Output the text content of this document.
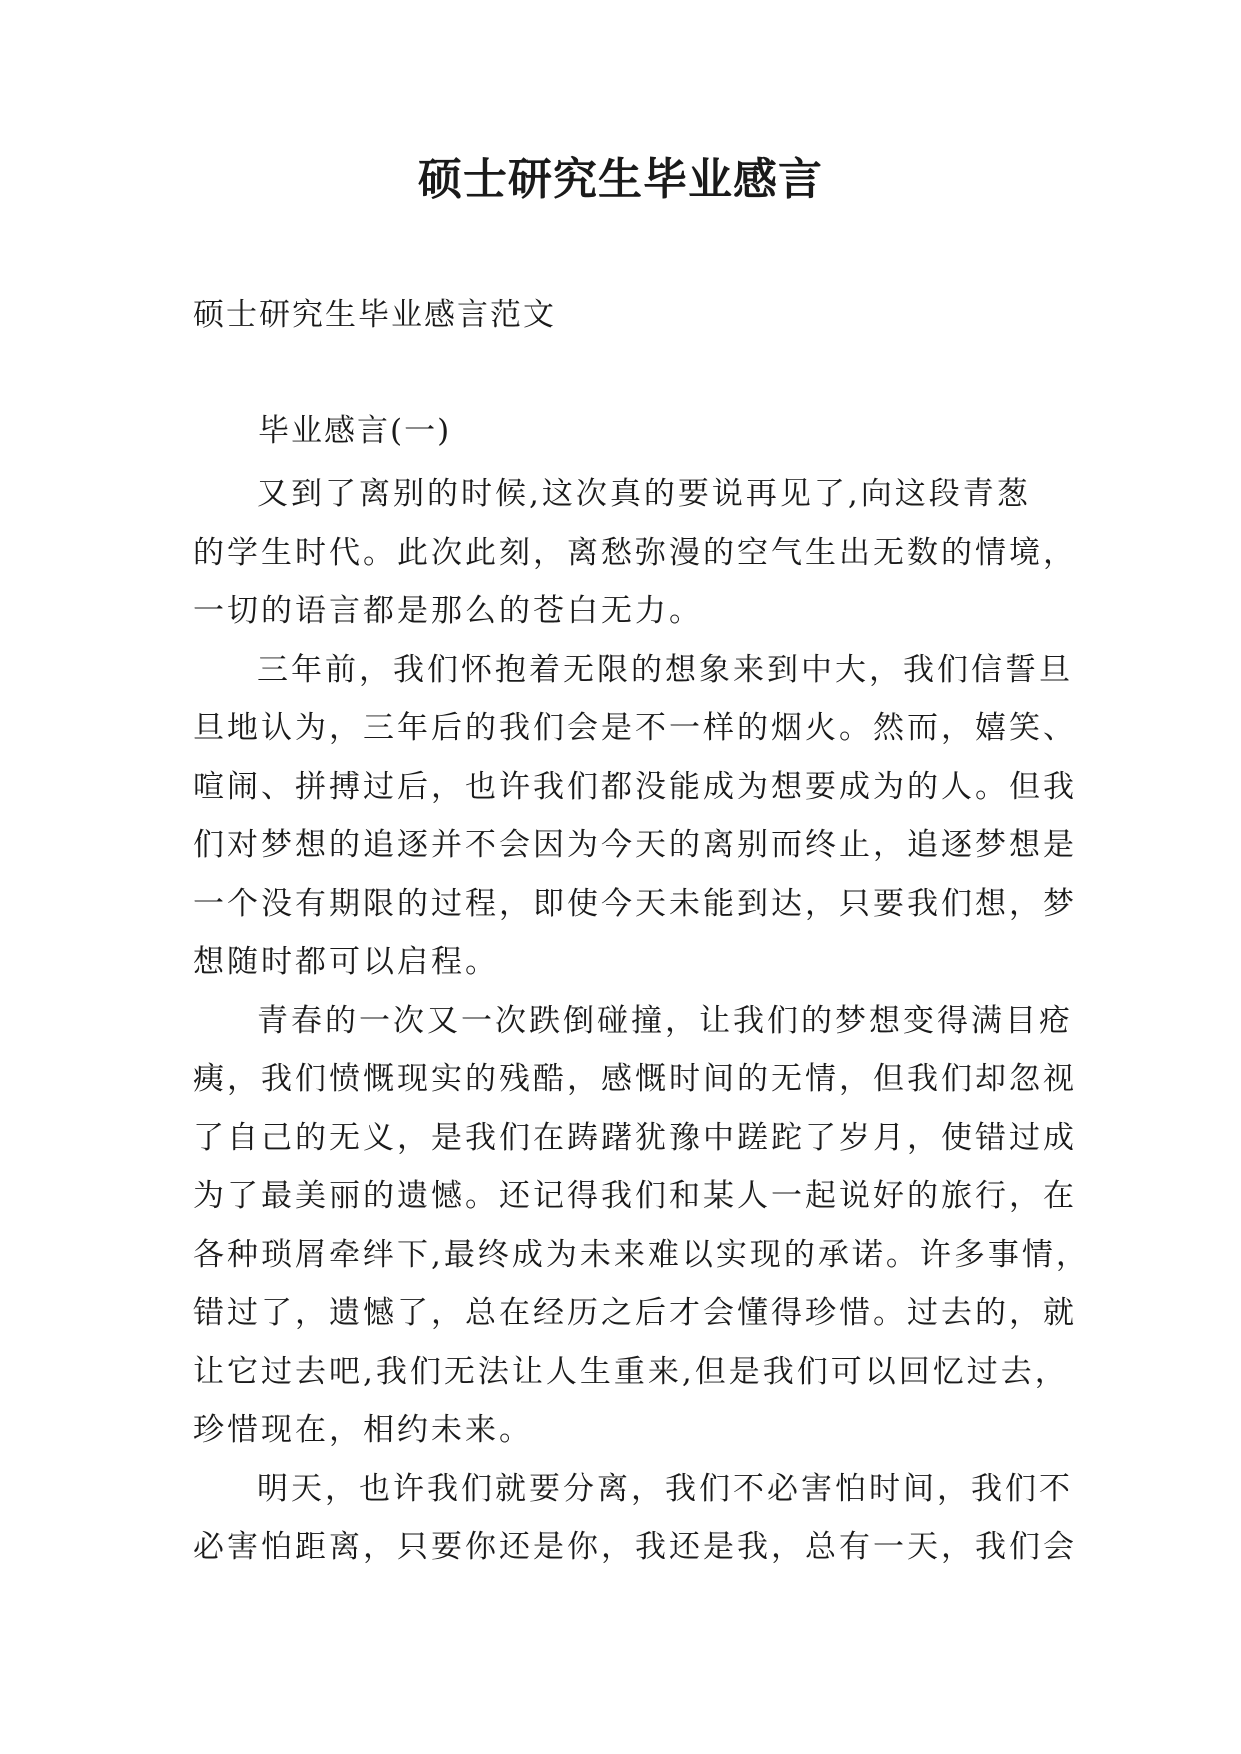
硕士研究生毕业感言

硕士研究生毕业感言范文

毕业感言(一)

又到了离别的时候,这次真的要说再见了,向这段青葱
的学生时代。此次此刻，离愁弥漫的空气生出无数的情境，
一切的语言都是那么的苍白无力。
三年前，我们怀抱着无限的想象来到中大，我们信誓旦
旦地认为，三年后的我们会是不一样的烟火。然而，嬉笑、
喧闹、拼搏过后，也许我们都没能成为想要成为的人。但我
们对梦想的追逐并不会因为今天的离别而终止，追逐梦想是
一个没有期限的过程，即使今天未能到达，只要我们想，梦
想随时都可以启程。
青春的一次又一次跌倒碰撞，让我们的梦想变得满目疮
痍，我们愤慨现实的残酷，感慨时间的无情，但我们却忽视
了自己的无义，是我们在踌躇犹豫中蹉跎了岁月，使错过成
为了最美丽的遗憾。还记得我们和某人一起说好的旅行，在
各种琐屑牵绊下,最终成为未来难以实现的承诺。许多事情，
错过了，遗憾了，总在经历之后才会懂得珍惜。过去的，就
让它过去吧,我们无法让人生重来,但是我们可以回忆过去，
珍惜现在，相约未来。
明天，也许我们就要分离，我们不必害怕时间，我们不
必害怕距离，只要你还是你，我还是我，总有一天，我们会
